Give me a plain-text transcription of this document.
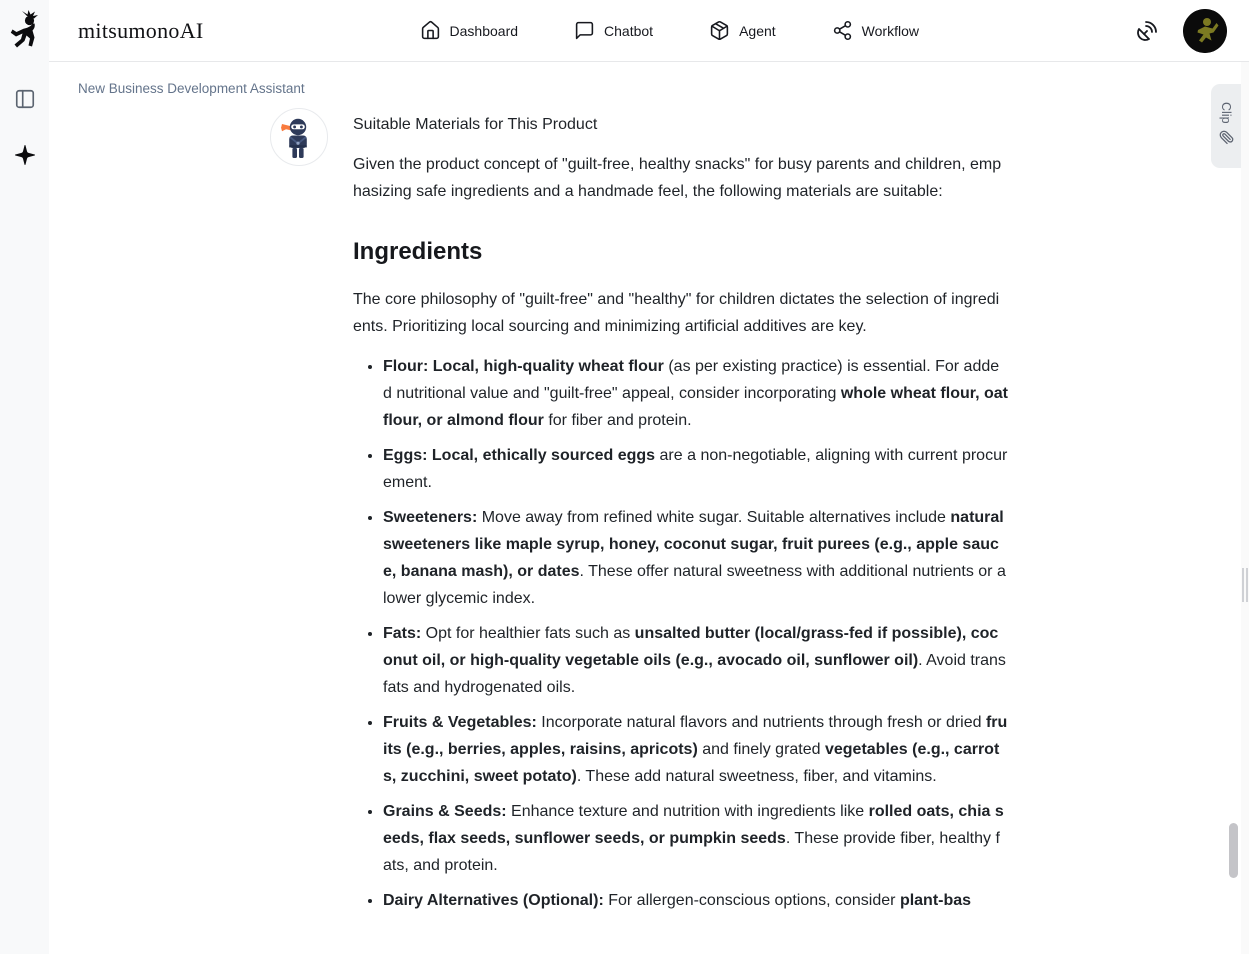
mitsumonoAI	Dashboard	Chatbot	Agent	Workflow
New Business Development Assistant

Suitable Materials for This Product

Given the product concept of "guilt-free, healthy snacks" for busy parents and children, emphasizing safe ingredients and a handmade feel, the following materials are suitable:

Ingredients

The core philosophy of "guilt-free" and "healthy" for children dictates the selection of ingredients. Prioritizing local sourcing and minimizing artificial additives are key.

• Flour: Local, high-quality wheat flour (as per existing practice) is essential. For added nutritional value and "guilt-free" appeal, consider incorporating whole wheat flour, oat flour, or almond flour for fiber and protein.
• Eggs: Local, ethically sourced eggs are a non-negotiable, aligning with current procurement.
• Sweeteners: Move away from refined white sugar. Suitable alternatives include natural sweeteners like maple syrup, honey, coconut sugar, fruit purees (e.g., apple sauce, banana mash), or dates. These offer natural sweetness with additional nutrients or a lower glycemic index.
• Fats: Opt for healthier fats such as unsalted butter (local/grass-fed if possible), coconut oil, or high-quality vegetable oils (e.g., avocado oil, sunflower oil). Avoid trans fats and hydrogenated oils.
• Fruits & Vegetables: Incorporate natural flavors and nutrients through fresh or dried fruits (e.g., berries, apples, raisins, apricots) and finely grated vegetables (e.g., carrots, zucchini, sweet potato). These add natural sweetness, fiber, and vitamins.
• Grains & Seeds: Enhance texture and nutrition with ingredients like rolled oats, chia seeds, flax seeds, sunflower seeds, or pumpkin seeds. These provide fiber, healthy fats, and protein.
• Dairy Alternatives (Optional): For allergen-conscious options, consider plant-bas
Clip
